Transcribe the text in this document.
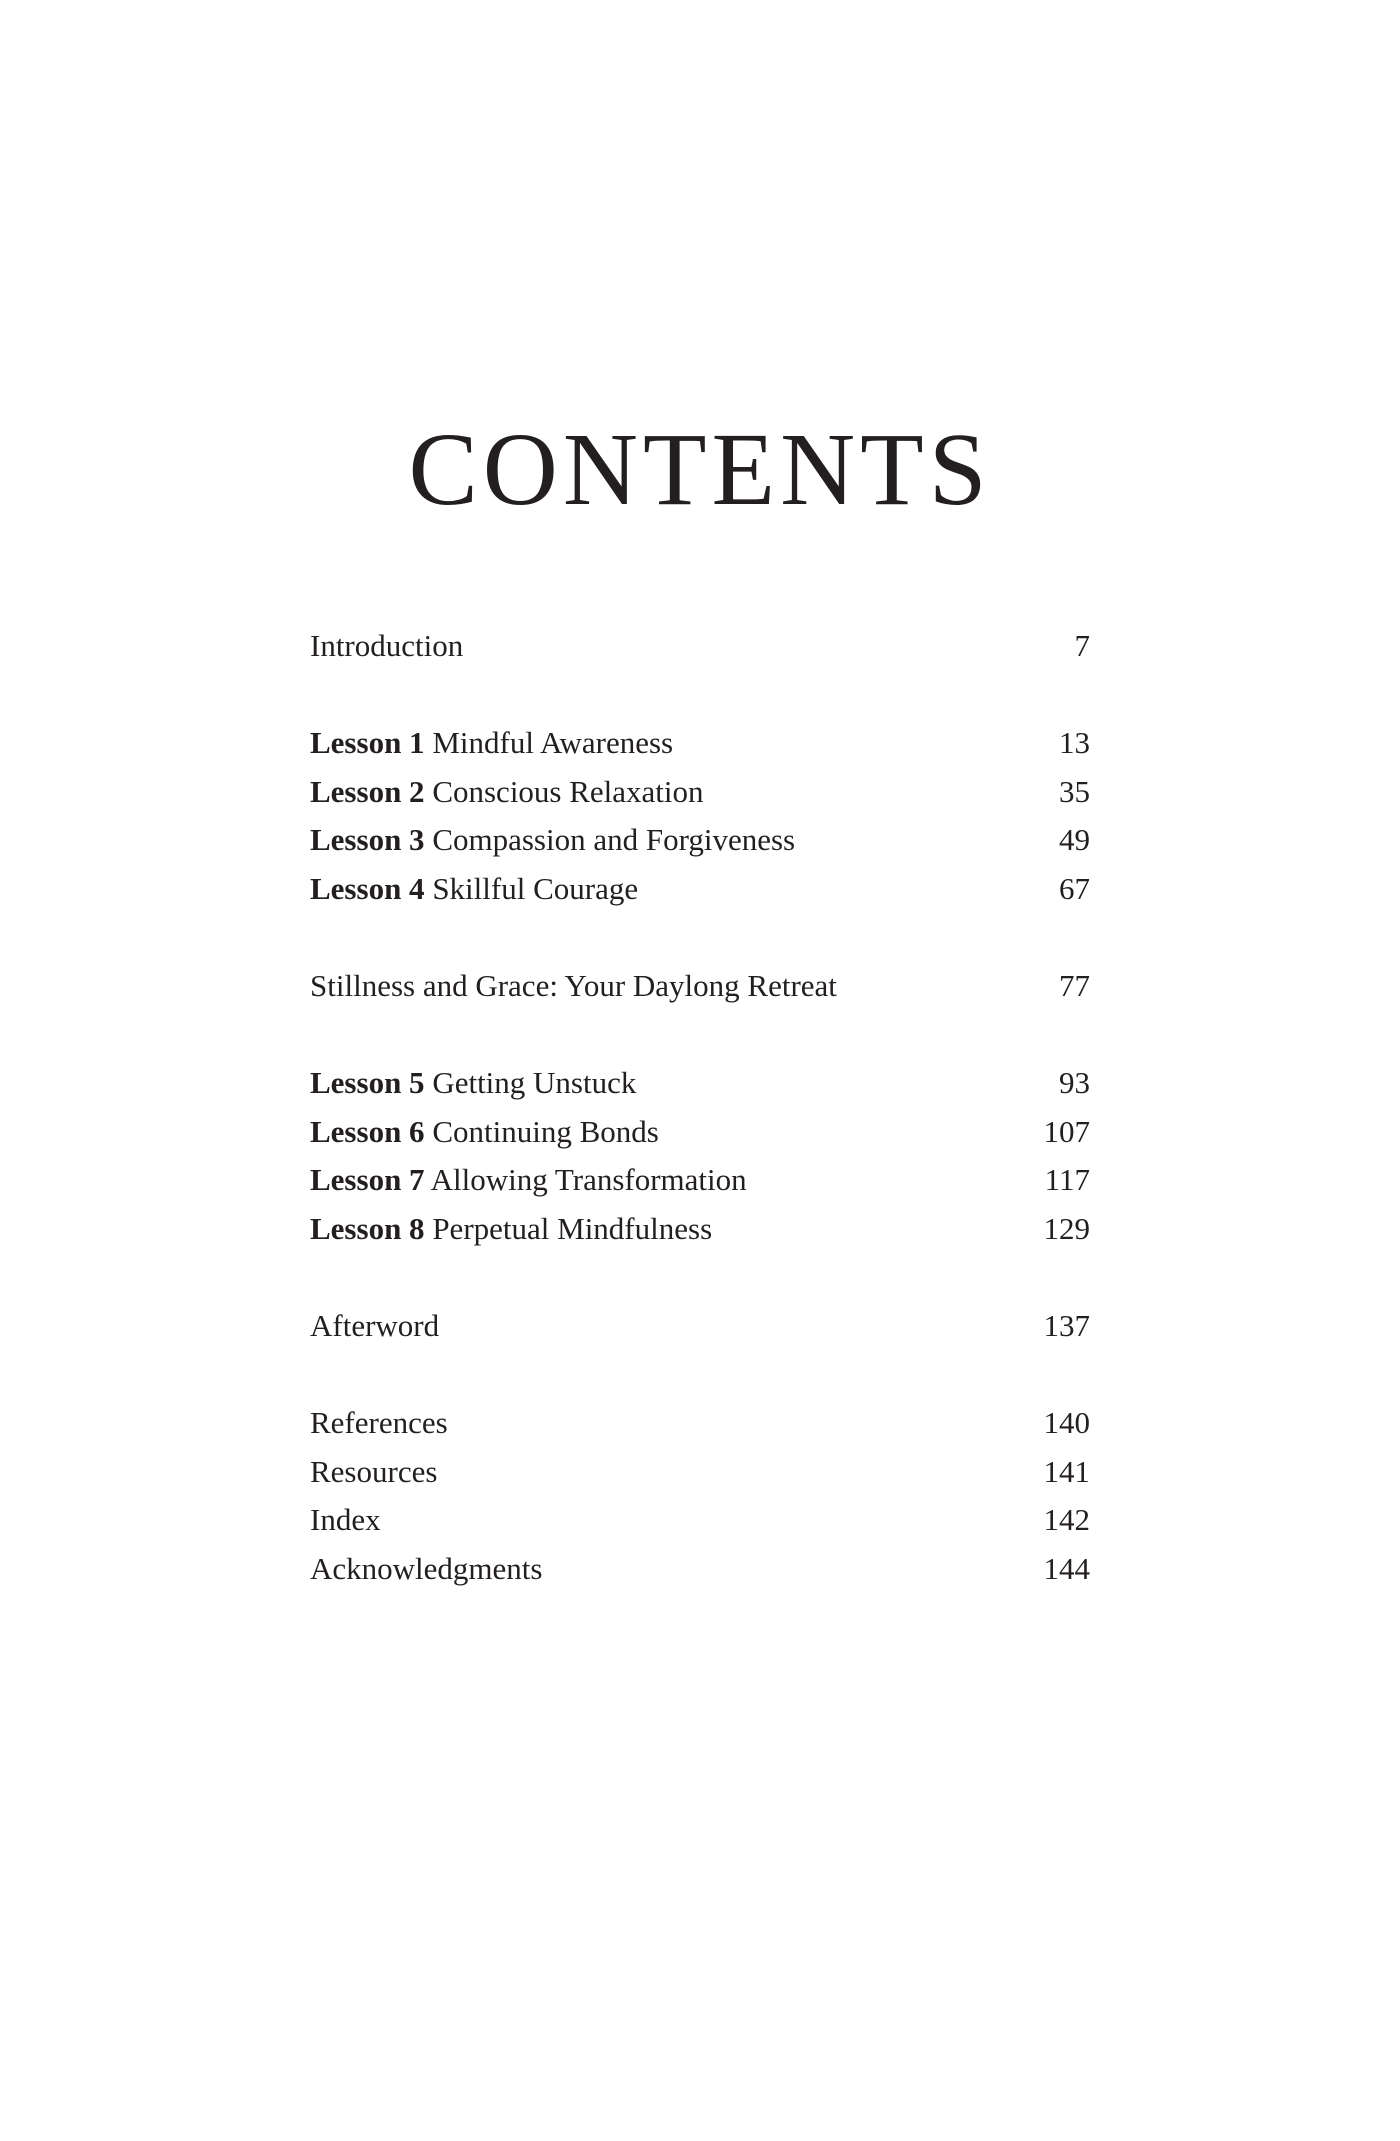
CONTENTS
Introduction	7
Lesson 1 Mindful Awareness	13
Lesson 2 Conscious Relaxation	35
Lesson 3 Compassion and Forgiveness	49
Lesson 4 Skillful Courage	67
Stillness and Grace: Your Daylong Retreat	77
Lesson 5 Getting Unstuck	93
Lesson 6 Continuing Bonds	107
Lesson 7 Allowing Transformation	117
Lesson 8 Perpetual Mindfulness	129
Afterword	137
References	140
Resources	141
Index	142
Acknowledgments	144
